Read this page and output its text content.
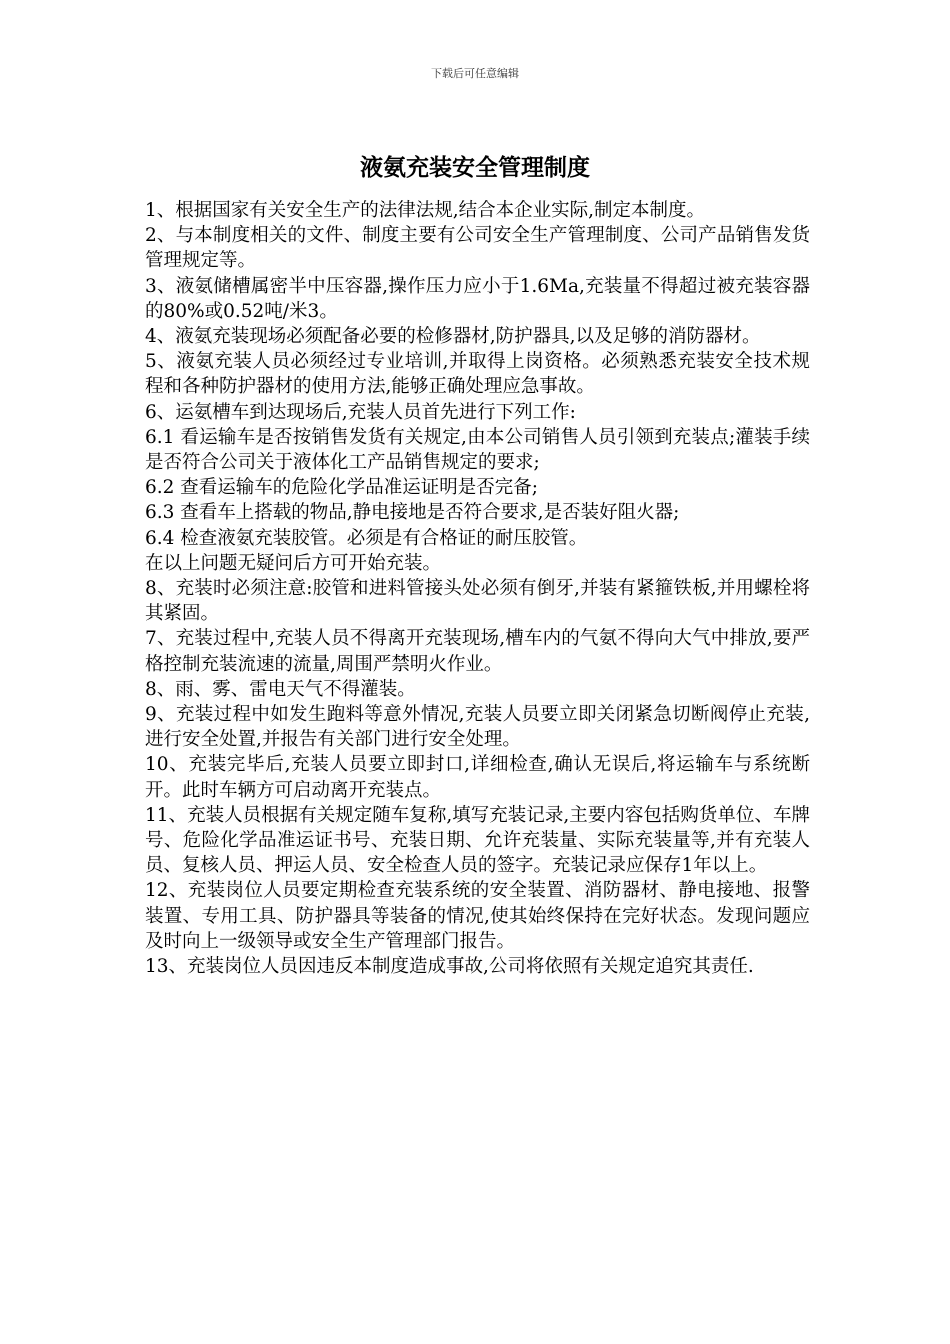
下载后可任意编辑
液氨充装安全管理制度

1、根据国家有关安全生产的法律法规,结合本企业实际,制定本制度。

2、与本制度相关的文件、制度主要有公司安全生产管理制度、公司产品销售发货管理规定等。

3、液氨储槽属密半中压容器,操作压力应小于1.6Ma,充装量不得超过被充装容器的80%或0.52吨/米3。

4、液氨充装现场必须配备必要的检修器材,防护器具,以及足够的消防器材。

5、液氨充装人员必须经过专业培训,并取得上岗资格。必须熟悉充装安全技术规程和各种防护器材的使用方法,能够正确处理应急事故。

6、运氨槽车到达现场后,充装人员首先进行下列工作:

6.1 看运输车是否按销售发货有关规定,由本公司销售人员引领到充装点;灌装手续是否符合公司关于液体化工产品销售规定的要求;

6.2 查看运输车的危险化学品准运证明是否完备;

6.3 查看车上搭载的物品,静电接地是否符合要求,是否装好阻火器;

6.4 检查液氨充装胶管。必须是有合格证的耐压胶管。

在以上问题无疑问后方可开始充装。

8、充装时必须注意:胶管和进料管接头处必须有倒牙,并装有紧箍铁板,并用螺栓将其紧固。

7、充装过程中,充装人员不得离开充装现场,槽车内的气氨不得向大气中排放,要严格控制充装流速的流量,周围严禁明火作业。

8、雨、雾、雷电天气不得灌装。

9、充装过程中如发生跑料等意外情况,充装人员要立即关闭紧急切断阀停止充装,进行安全处置,并报告有关部门进行安全处理。

10、充装完毕后,充装人员要立即封口,详细检查,确认无误后,将运输车与系统断开。此时车辆方可启动离开充装点。

11、充装人员根据有关规定随车复称,填写充装记录,主要内容包括购货单位、车牌号、危险化学品准运证书号、充装日期、允许充装量、实际充装量等,并有充装人员、复核人员、押运人员、安全检查人员的签字。充装记录应保存1年以上。

12、充装岗位人员要定期检查充装系统的安全装置、消防器材、静电接地、报警装置、专用工具、防护器具等装备的情况,使其始终保持在完好状态。发现问题应及时向上一级领导或安全生产管理部门报告。

13、充装岗位人员因违反本制度造成事故,公司将依照有关规定追究其责任.
